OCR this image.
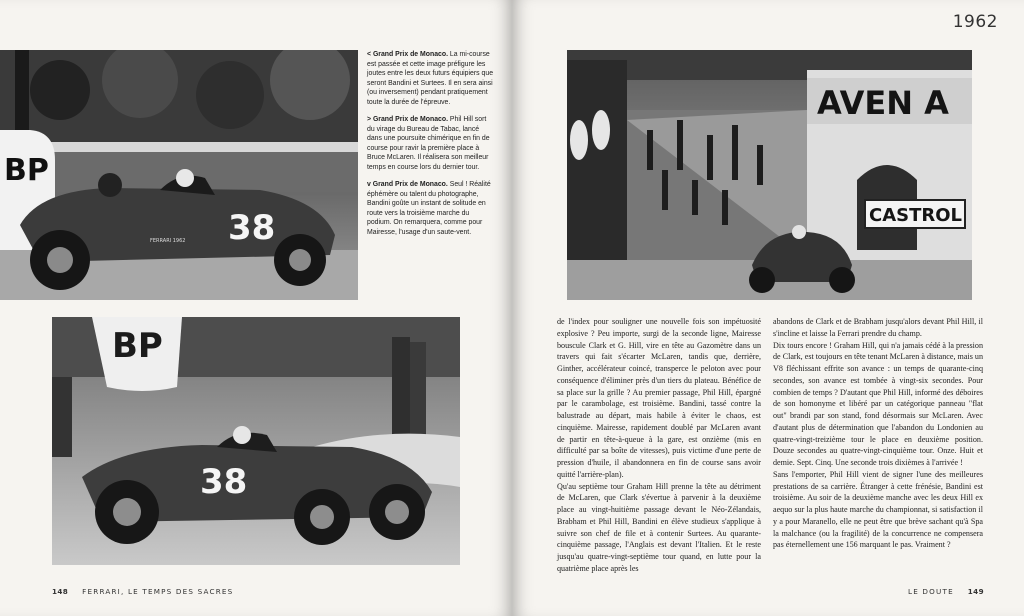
BP
38
FERRARI 1962
BP
38
< Grand Prix de Monaco. La mi-course est passée et cette image préfigure les joutes entre les deux futurs équipiers que seront Bandini et Surtees. Il en sera ainsi (ou inversement) pendant pratiquement toute la durée de l'épreuve.
> Grand Prix de Monaco. Phil Hill sort du virage du Bureau de Tabac, lancé dans une poursuite chimérique en fin de course pour ravir la première place à Bruce McLaren. Il réalisera son meilleur temps en course lors du dernier tour.
v Grand Prix de Monaco. Seul ! Réalité éphémère ou talent du photographe, Bandini goûte un instant de solitude en route vers la troisième marche du podium. On remarquera, comme pour Mairesse, l'usage d'un saute-vent.
148 FERRARI, LE TEMPS DES SACRES
1962
AVEN A
CASTROL

de l'index pour souligner une nouvelle fois son impétuosité explosive ? Peu importe, surgi de la seconde ligne, Mairesse bouscule Clark et G. Hill, vire en tête au Gazomètre dans un travers qui fait s'écarter McLaren, tandis que, derrière, Ginther, accélérateur coincé, transperce le peloton avec pour conséquence d'éliminer près d'un tiers du plateau. Bénéfice de sa place sur la grille ? Au premier passage, Phil Hill, épargné par le carambolage, est troisième. Bandini, tassé contre la balustrade au départ, mais habile à éviter le chaos, est cinquième. Mairesse, rapidement doublé par McLaren avant de partir en tête-à-queue à la gare, est onzième (mis en difficulté par sa boîte de vitesses), puis victime d'une perte de pression d'huile, il abandonnera en fin de course sans avoir quitté l'arrière-plan).

Qu'au septième tour Graham Hill prenne la tête au détriment de McLaren, que Clark s'évertue à parvenir à la deuxième place au vingt-huitième passage devant le Néo-Zélandais, Brabham et Phil Hill, Bandini en élève studieux s'applique à suivre son chef de file et à contenir Surtees. Au quarante-cinquième passage, l'Anglais est devant l'Italien. Et le reste jusqu'au quatre-vingt-septième tour quand, en lutte pour la quatrième place après les

abandons de Clark et de Brabham jusqu'alors devant Phil Hill, il s'incline et laisse la Ferrari prendre du champ.

Dix tours encore ! Graham Hill, qui n'a jamais cédé à la pression de Clark, est toujours en tête tenant McLaren à distance, mais un V8 fléchissant effrite son avance : un temps de quarante-cinq secondes, son avance est tombée à vingt-six secondes. Pour combien de temps ? D'autant que Phil Hill, informé des déboires de son homonyme et libéré par un catégorique panneau "flat out" brandi par son stand, fond désormais sur McLaren. Avec d'autant plus de détermination que l'abandon du Londonien au quatre-vingt-treizième tour le place en deuxième position. Douze secondes au quatre-vingt-cinquième tour. Onze. Huit et demie. Sept. Cinq. Une seconde trois dixièmes à l'arrivée !

Sans l'emporter, Phil Hill vient de signer l'une des meilleures prestations de sa carrière. Étranger à cette frénésie, Bandini est troisième. Au soir de la deuxième manche avec les deux Hill ex aequo sur la plus haute marche du championnat, si satisfaction il y a pour Maranello, elle ne peut être que brève sachant qu'à Spa la malchance (ou la fragilité) de la concurrence ne compensera pas éternellement une 156 marquant le pas. Vraiment ?

LE DOUTE 149
